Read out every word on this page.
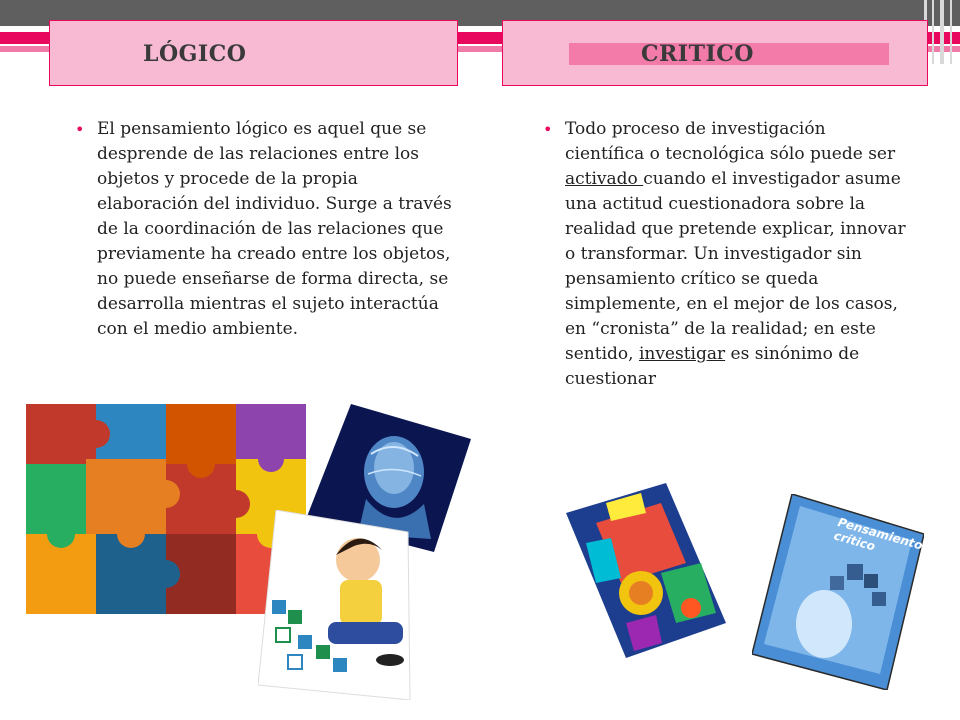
LÓGICO	CRITICO
• El pensamiento lógico es aquel que se desprende de las relaciones entre los objetos y procede de la propia elaboración del individuo. Surge a través de la coordinación de las relaciones que previamente ha creado entre los objetos, no puede enseñarse de forma directa, se desarrolla mientras el sujeto interactúa con el medio ambiente.
• Todo proceso de investigación científica o tecnológica sólo puede ser activado cuando el investigador asume una actitud cuestionadora sobre la realidad que pretende explicar, innovar o transformar. Un investigador sin pensamiento crítico se queda simplemente, en el mejor de los casos, en “cronista” de la realidad; en este sentido, investigar es sinónimo de cuestionar
Pensamiento crítico
